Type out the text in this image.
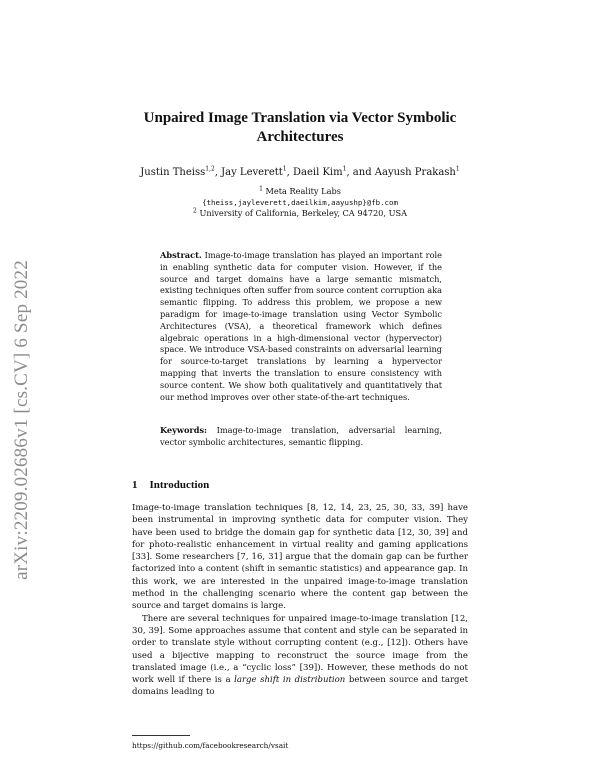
arXiv:2209.02686v1 [cs.CV] 6 Sep 2022
Unpaired Image Translation via Vector Symbolic Architectures
Justin Theiss$^{1,2}$, Jay Leverett$^1$, Daeil Kim$^1$, and Aayush Prakash$^1$
$^1$ Meta Reality Labs
{theiss,jayleverett,daeilkim,aayushp}@fb.com
$^2$ University of California, Berkeley, CA 94720, USA
Abstract. Image-to-image translation has played an important role in enabling synthetic data for computer vision. However, if the source and target domains have a large semantic mismatch, existing techniques often suffer from source content corruption aka semantic flipping. To address this problem, we propose a new paradigm for image-to-image translation using Vector Symbolic Architectures (VSA), a theoretical framework which defines algebraic operations in a high-dimensional vector (hypervector) space. We introduce VSA-based constraints on adversarial learning for source-to-target translations by learning a hypervector mapping that inverts the translation to ensure consistency with source content. We show both qualitatively and quantitatively that our method improves over other state-of-the-art techniques.
Keywords: Image-to-image translation, adversarial learning, vector symbolic architectures, semantic flipping.
1 Introduction

Image-to-image translation techniques [8, 12, 14, 23, 25, 30, 33, 39] have been instrumental in improving synthetic data for computer vision. They have been used to bridge the domain gap for synthetic data [12, 30, 39] and for photo-realistic enhancement in virtual reality and gaming applications [33]. Some researchers [7, 16, 31] argue that the domain gap can be further factorized into a content (shift in semantic statistics) and appearance gap. In this work, we are interested in the unpaired image-to-image translation method in the challenging scenario where the content gap between the source and target domains is large.

There are several techniques for unpaired image-to-image translation [12, 30, 39]. Some approaches assume that content and style can be separated in order to translate style without corrupting content (e.g., [12]). Others have used a bijective mapping to reconstruct the source image from the translated image (i.e., a “cyclic loss” [39]). However, these methods do not work well if there is a large shift in distribution between source and target domains leading to

https://github.com/facebookresearch/vsait
